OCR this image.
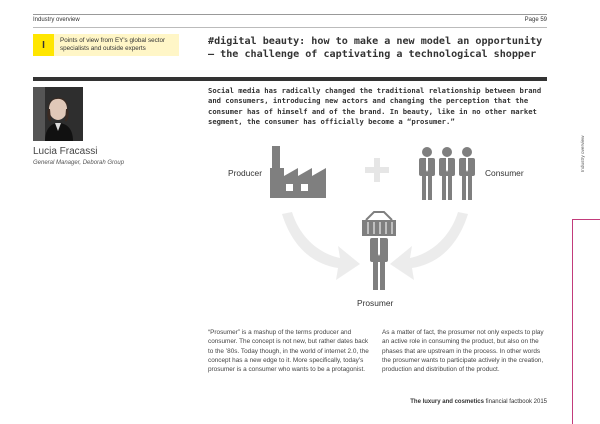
Industry overview	Page 59
I	Points of view from EY's global sector specialists and outside experts
#digital beauty: how to make a new model an opportunity — the challenge of captivating a technological shopper
Lucia Fracassi
General Manager, Deborah Group
Social media has radically changed the traditional relationship between brand and consumers, introducing new actors and changing the perception that the consumer has of himself and of the brand. In beauty, like in no other market segment, the consumer has officially become a “prosumer.”
Producer	Consumer
Prosumer
Industry overview
“Prosumer” is a mashup of the terms producer and consumer. The concept is not new, but rather dates back to the ’80s. Today though, in the world of internet 2.0, the concept has a new edge to it. More specifically, today’s prosumer is a consumer who wants to be a protagonist.
As a matter of fact, the prosumer not only expects to play an active role in consuming the product, but also on the phases that are upstream in the process. In other words the prosumer wants to participate actively in the creation, production and distribution of the product.
The luxury and cosmetics financial factbook 2015
